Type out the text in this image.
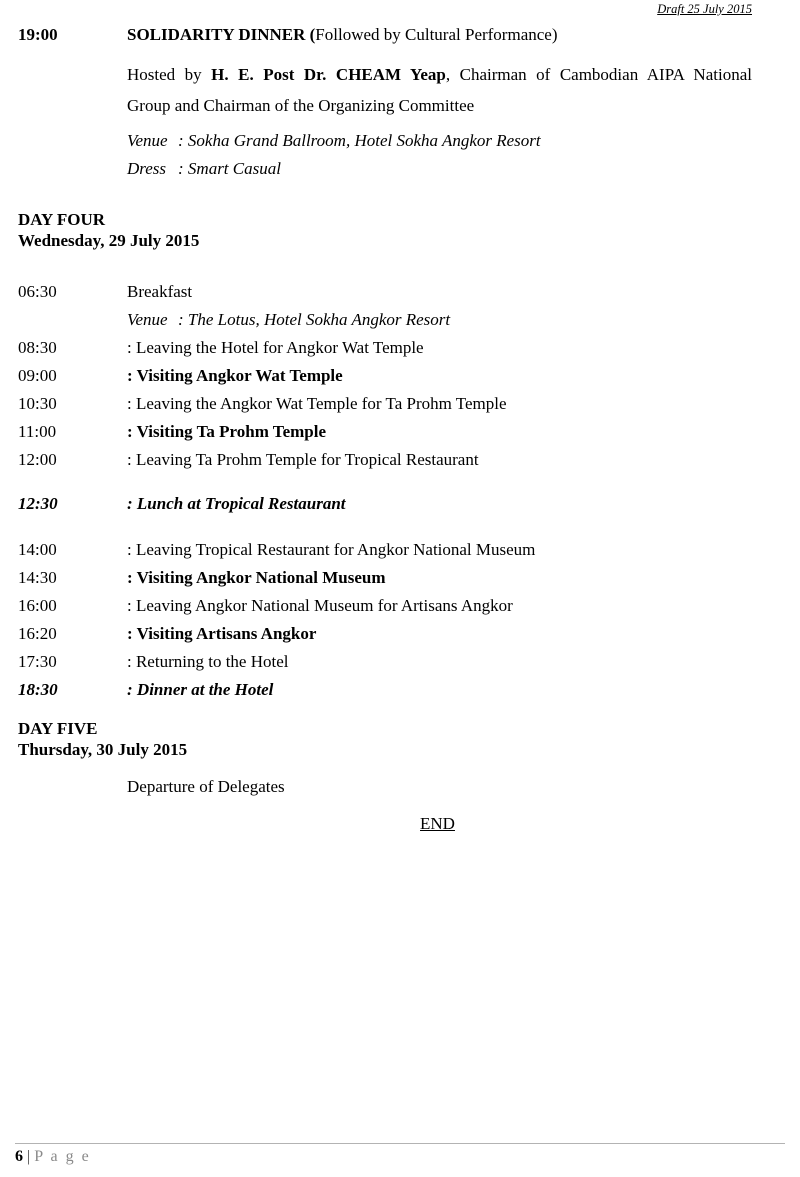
Draft 25 July 2015
19:00	SOLIDARITY DINNER (Followed by Cultural Performance)
Hosted by H. E. Post Dr. CHEAM Yeap, Chairman of Cambodian AIPA National
Group and Chairman of the Organizing Committee
Venue : Sokha Grand Ballroom, Hotel Sokha Angkor Resort
Dress : Smart Casual
DAY FOUR
Wednesday, 29 July 2015
06:30	Breakfast
Venue : The Lotus, Hotel Sokha Angkor Resort
08:30	: Leaving the Hotel for Angkor Wat Temple
09:00	: Visiting Angkor Wat Temple
10:30	: Leaving the Angkor Wat Temple for Ta Prohm Temple
11:00	: Visiting Ta Prohm Temple
12:00	: Leaving Ta Prohm Temple for Tropical Restaurant
12:30	: Lunch at Tropical Restaurant
14:00	: Leaving Tropical Restaurant for Angkor National Museum
14:30	: Visiting Angkor National Museum
16:00	: Leaving Angkor National Museum for Artisans Angkor
16:20	: Visiting Artisans Angkor
17:30	: Returning to the Hotel
18:30	: Dinner at the Hotel
DAY FIVE
Thursday, 30 July 2015
Departure of Delegates
END
6 | P a g e
